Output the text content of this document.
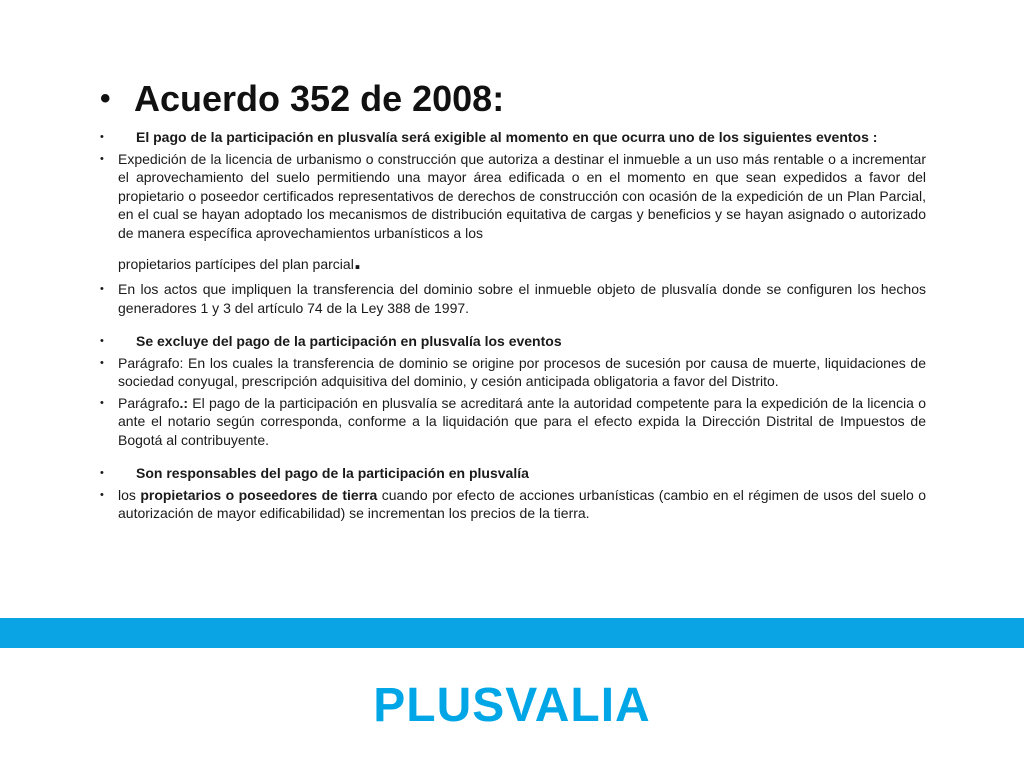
• Acuerdo 352 de 2008:
•	El pago de la participación en plusvalía será exigible al momento en que ocurra uno de los siguientes eventos :
•	Expedición de la licencia de urbanismo o construcción que autoriza a destinar el inmueble a un uso más rentable o a incrementar el aprovechamiento del suelo permitiendo una mayor área edificada o en el momento en que sean expedidos a favor del propietario o poseedor certificados representativos de derechos de construcción con ocasión de la expedición de un Plan Parcial, en el cual se hayan adoptado los mecanismos de distribución equitativa de cargas y beneficios y se hayan asignado o autorizado de manera específica aprovechamientos urbanísticos a los
propietarios partícipes del plan parcial.
•	En los actos que impliquen la transferencia del dominio sobre el inmueble objeto de plusvalía donde se configuren los hechos generadores 1 y 3 del artículo 74 de la Ley 388 de 1997.
•	Se excluye del pago de la participación en plusvalía los eventos
•	Parágrafo: En los cuales la transferencia de dominio se origine por procesos de sucesión por causa de muerte, liquidaciones de sociedad conyugal, prescripción adquisitiva del dominio, y cesión anticipada obligatoria a favor del Distrito.
•	Parágrafo.: El pago de la participación en plusvalía se acreditará ante la autoridad competente para la expedición de la licencia o ante el notario según corresponda, conforme a la liquidación que para el efecto expida la Dirección Distrital de Impuestos de Bogotá al contribuyente.
•	Son responsables del pago de la participación en plusvalía
•	los propietarios o poseedores de tierra cuando por efecto de acciones urbanísticas (cambio en el régimen de usos del suelo o autorización de mayor edificabilidad) se incrementan los precios de la tierra.
PLUSVALIA
